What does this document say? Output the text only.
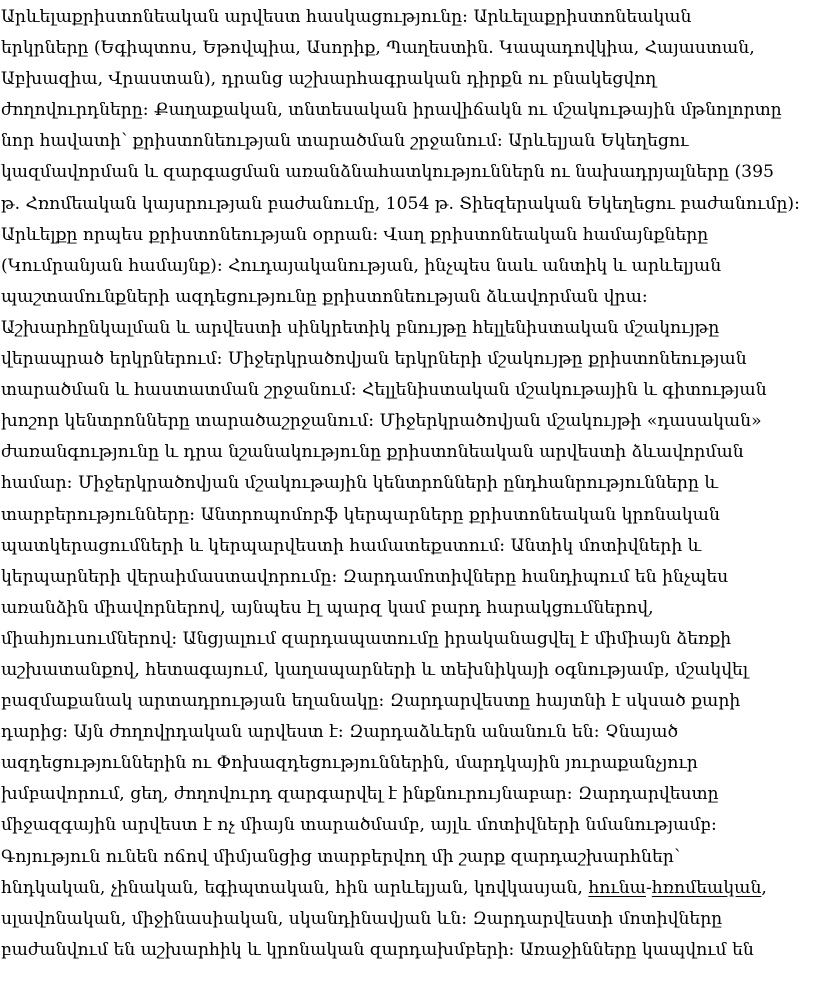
Արևելաքրիստոնեական արվեստ հասկացությունը։ Արևելաքրիստոնեական
երկրները (Եգիպտոս, Եթովպիա, Ասորիք, Պաղեստին. Կապադովկիա, Հայաստան,
Աբխազիա, Վրաստան), դրանց աշխարհագրական դիրքն ու բնակեցվող
ժողովուրդները։ Քաղաքական, տնտեսական իրավիճակն ու մշակութային մթնոլորտը
նոր հավատի՝ քրիստոնեության տարածման շրջանում։ Արևելյան Եկեղեցու
կազմավորման և զարգացման առանձնահատկություններն ու նախադրյալները (395
թ. Հռոմեական կայսրության բաժանումը, 1054 թ. Տիեզերական Եկեղեցու բաժանումը)։
Արևելքը որպես քրիստոնեության օրրան։ Վաղ քրիստոնեական համայնքները
(Կումրանյան համայնք)։ Հուդայականության, ինչպես նաև անտիկ և արևելյան
պաշտամունքների ազդեցությունը քրիստոնեության ձևավորման վրա։
Աշխարհընկալման և արվեստի սինկրետիկ բնույթը հելլենիստական մշակույթը
վերապրած երկրներում։ Միջերկրածովյան երկրների մշակույթը քրիստոնեության
տարածման և հաստատման շրջանում։ Հելլենիստական մշակութային և գիտության
խոշոր կենտրոնները տարածաշրջանում։ Միջերկրածովյան մշակույթի «դասական»
ժառանգությունը և դրա նշանակությունը քրիստոնեական արվեստի ձևավորման
համար։ Միջերկրածովյան մշակութային կենտրոնների ընդհանրությունները և
տարբերությունները։ Անտրոպոմորֆ կերպարները քրիստոնեական կրոնական
պատկերացումների և կերպարվեստի համատեքստում։ Անտիկ մոտիվների և
կերպարների վերաիմաստավորումը։ Զարդամոտիվները հանդիպում են ինչպես
առանձին միավորներով, այնպես էլ պարզ կամ բարդ հարակցումներով,
միահյուսումներով։ Անցյալում զարդապատումը իրականացվել է միմիայն ձեռքի
աշխատանքով, հետագայում, կաղապարների և տեխնիկայի օգնությամբ, մշակվել
բազմաքանակ արտադրության եղանակը։ Զարդարվեստը հայտնի է սկսած քարի
դարից։ Այն ժողովրդական արվեստ է։ Զարդաձևերն անանուն են։ Չնայած
ազդեցություններին ու Փոխազդեցություններին, մարդկային յուրաքանչյուր
խմբավորում, ցեղ, ժողովուրդ զարգարվել է ինքնուրույնաբար։ Զարդարվեստը
միջազգային արվեստ է ոչ միայն տարածմամբ, այլև մոտիվների նմանությամբ։
Գոյություն ունեն ոճով միմյանցից տարբերվող մի շարք զարդաշխարհներ՝
հնդկական, չինական, եգիպտական, հին արևելյան, կովկասյան, հունա-հռոմեական,
սլավոնական, միջինասիական, սկանդինավյան ևն։ Զարդարվեստի մոտիվները
բաժանվում են աշխարհիկ և կրոնական զարդախմբերի։ Առաջինները կապվում են
